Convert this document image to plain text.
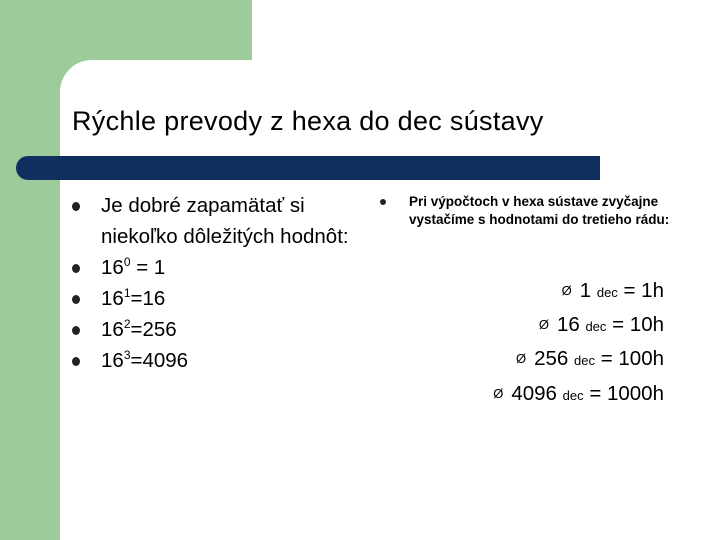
Rýchle prevody z hexa do dec sústavy
Je dobré zapamätať si niekoľko dôležitých hodnôt:
$16^0 = 1$
$16^1=16$
$16^2=256$
$16^3=4096$
Pri výpočtoch v hexa sústave zvyčajne vystačíme s hodnotami do tretieho rádu:
Ø 1 dec = 1h
Ø 16 dec = 10h
Ø 256 dec = 100h
Ø 4096 dec = 1000h
